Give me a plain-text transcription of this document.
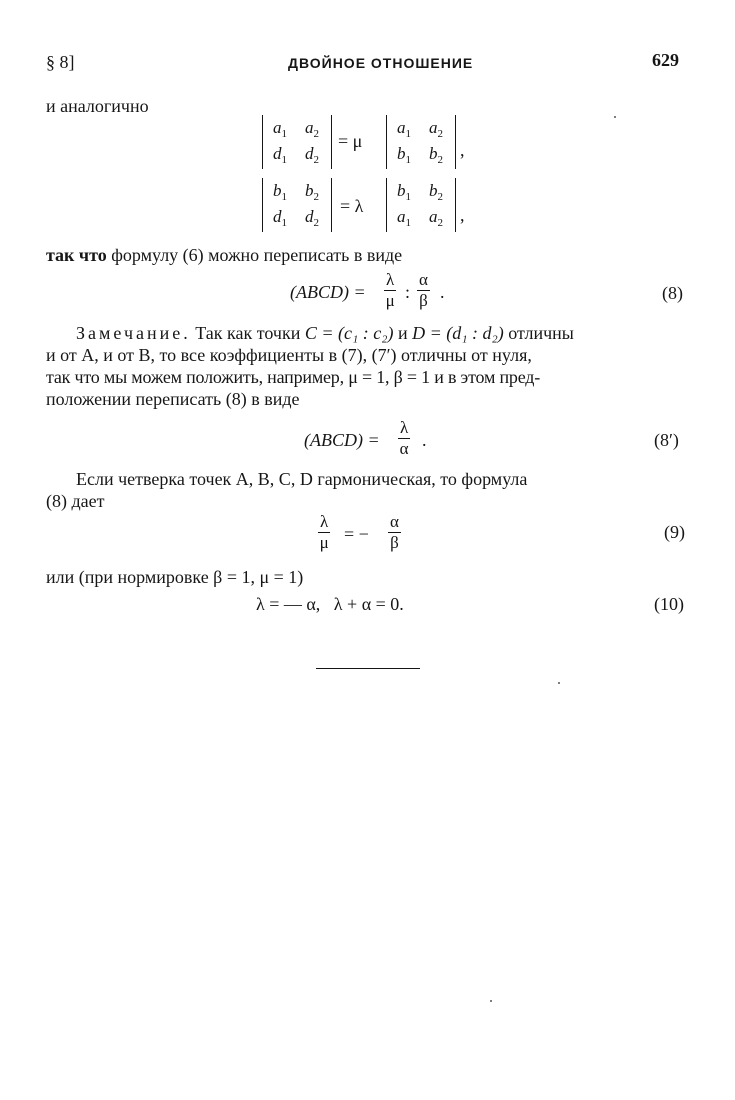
§ 8]	ДВОЙНОЕ ОТНОШЕНИЕ	629
и аналогично
$a_1$	$a_2$
$d_1$	$d_2$
= μ
$a_1$	$a_2$
$b_1$	$b_2$ ,
$b_1$	$b_2$
$d_1$	$d_2$
= λ
$b_1$	$b_2$
$a_1$	$a_2$ ,
так что формулу (6) можно переписать в виде
(ABCD) = $\frac{\lambda}{\mu}$ : $\frac{\alpha}{\beta}$ .	(8)
Замечание. Так как точки C = (c₁ : c₂) и D = (d₁ : d₂) отличны
и от A, и от B, то все коэффициенты в (7), (7′) отличны от нуля,
так что мы можем положить, например, μ = 1, β = 1 и в этом пред-
положении переписать (8) в виде
(ABCD) = $\frac{\lambda}{\alpha}$ .	(8′)
Если четверка точек A, B, C, D гармоническая, то формула
(8) дает
$\frac{\lambda}{\mu}$ = − $\frac{\alpha}{\beta}$	(9)
или (при нормировке β = 1, μ = 1)
λ = — α,   λ + α = 0.	(10)
